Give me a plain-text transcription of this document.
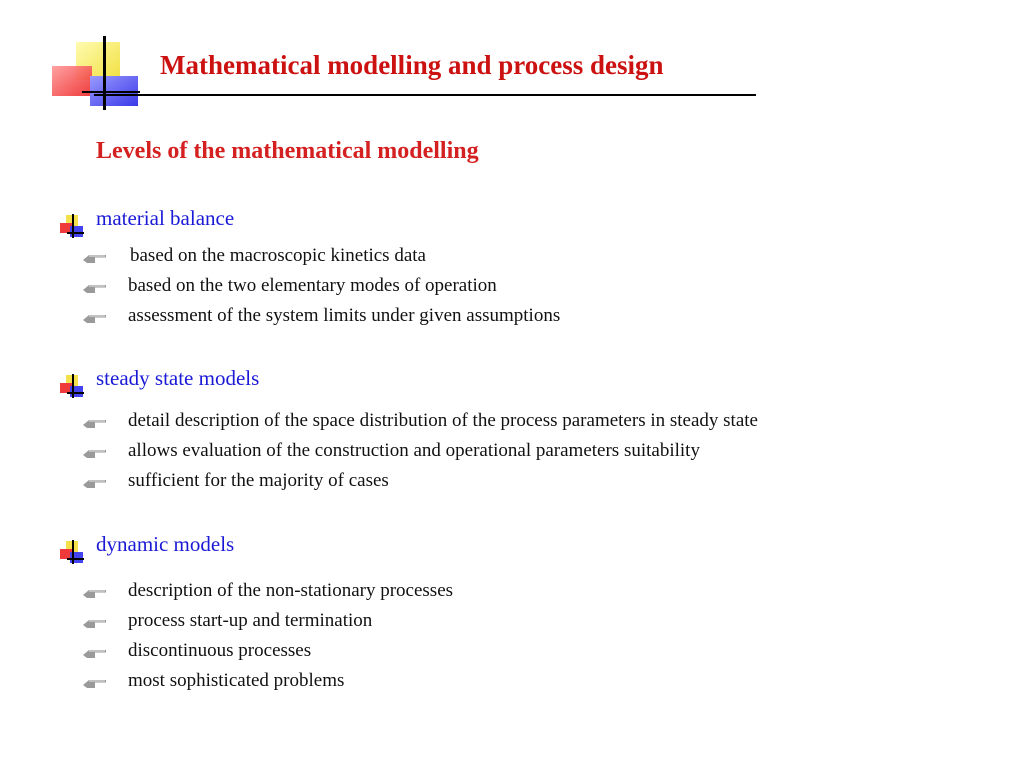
Mathematical modelling and process design
Levels of the mathematical modelling
material balance
based on the macroscopic kinetics data
based on the two elementary modes of operation
assessment of the system limits under given assumptions
steady state models
detail description of the space distribution of the process parameters in steady state
allows evaluation of the construction and operational parameters suitability
sufficient for the majority of cases
dynamic models
description of the non-stationary processes
process start-up and termination
discontinuous processes
most sophisticated problems
